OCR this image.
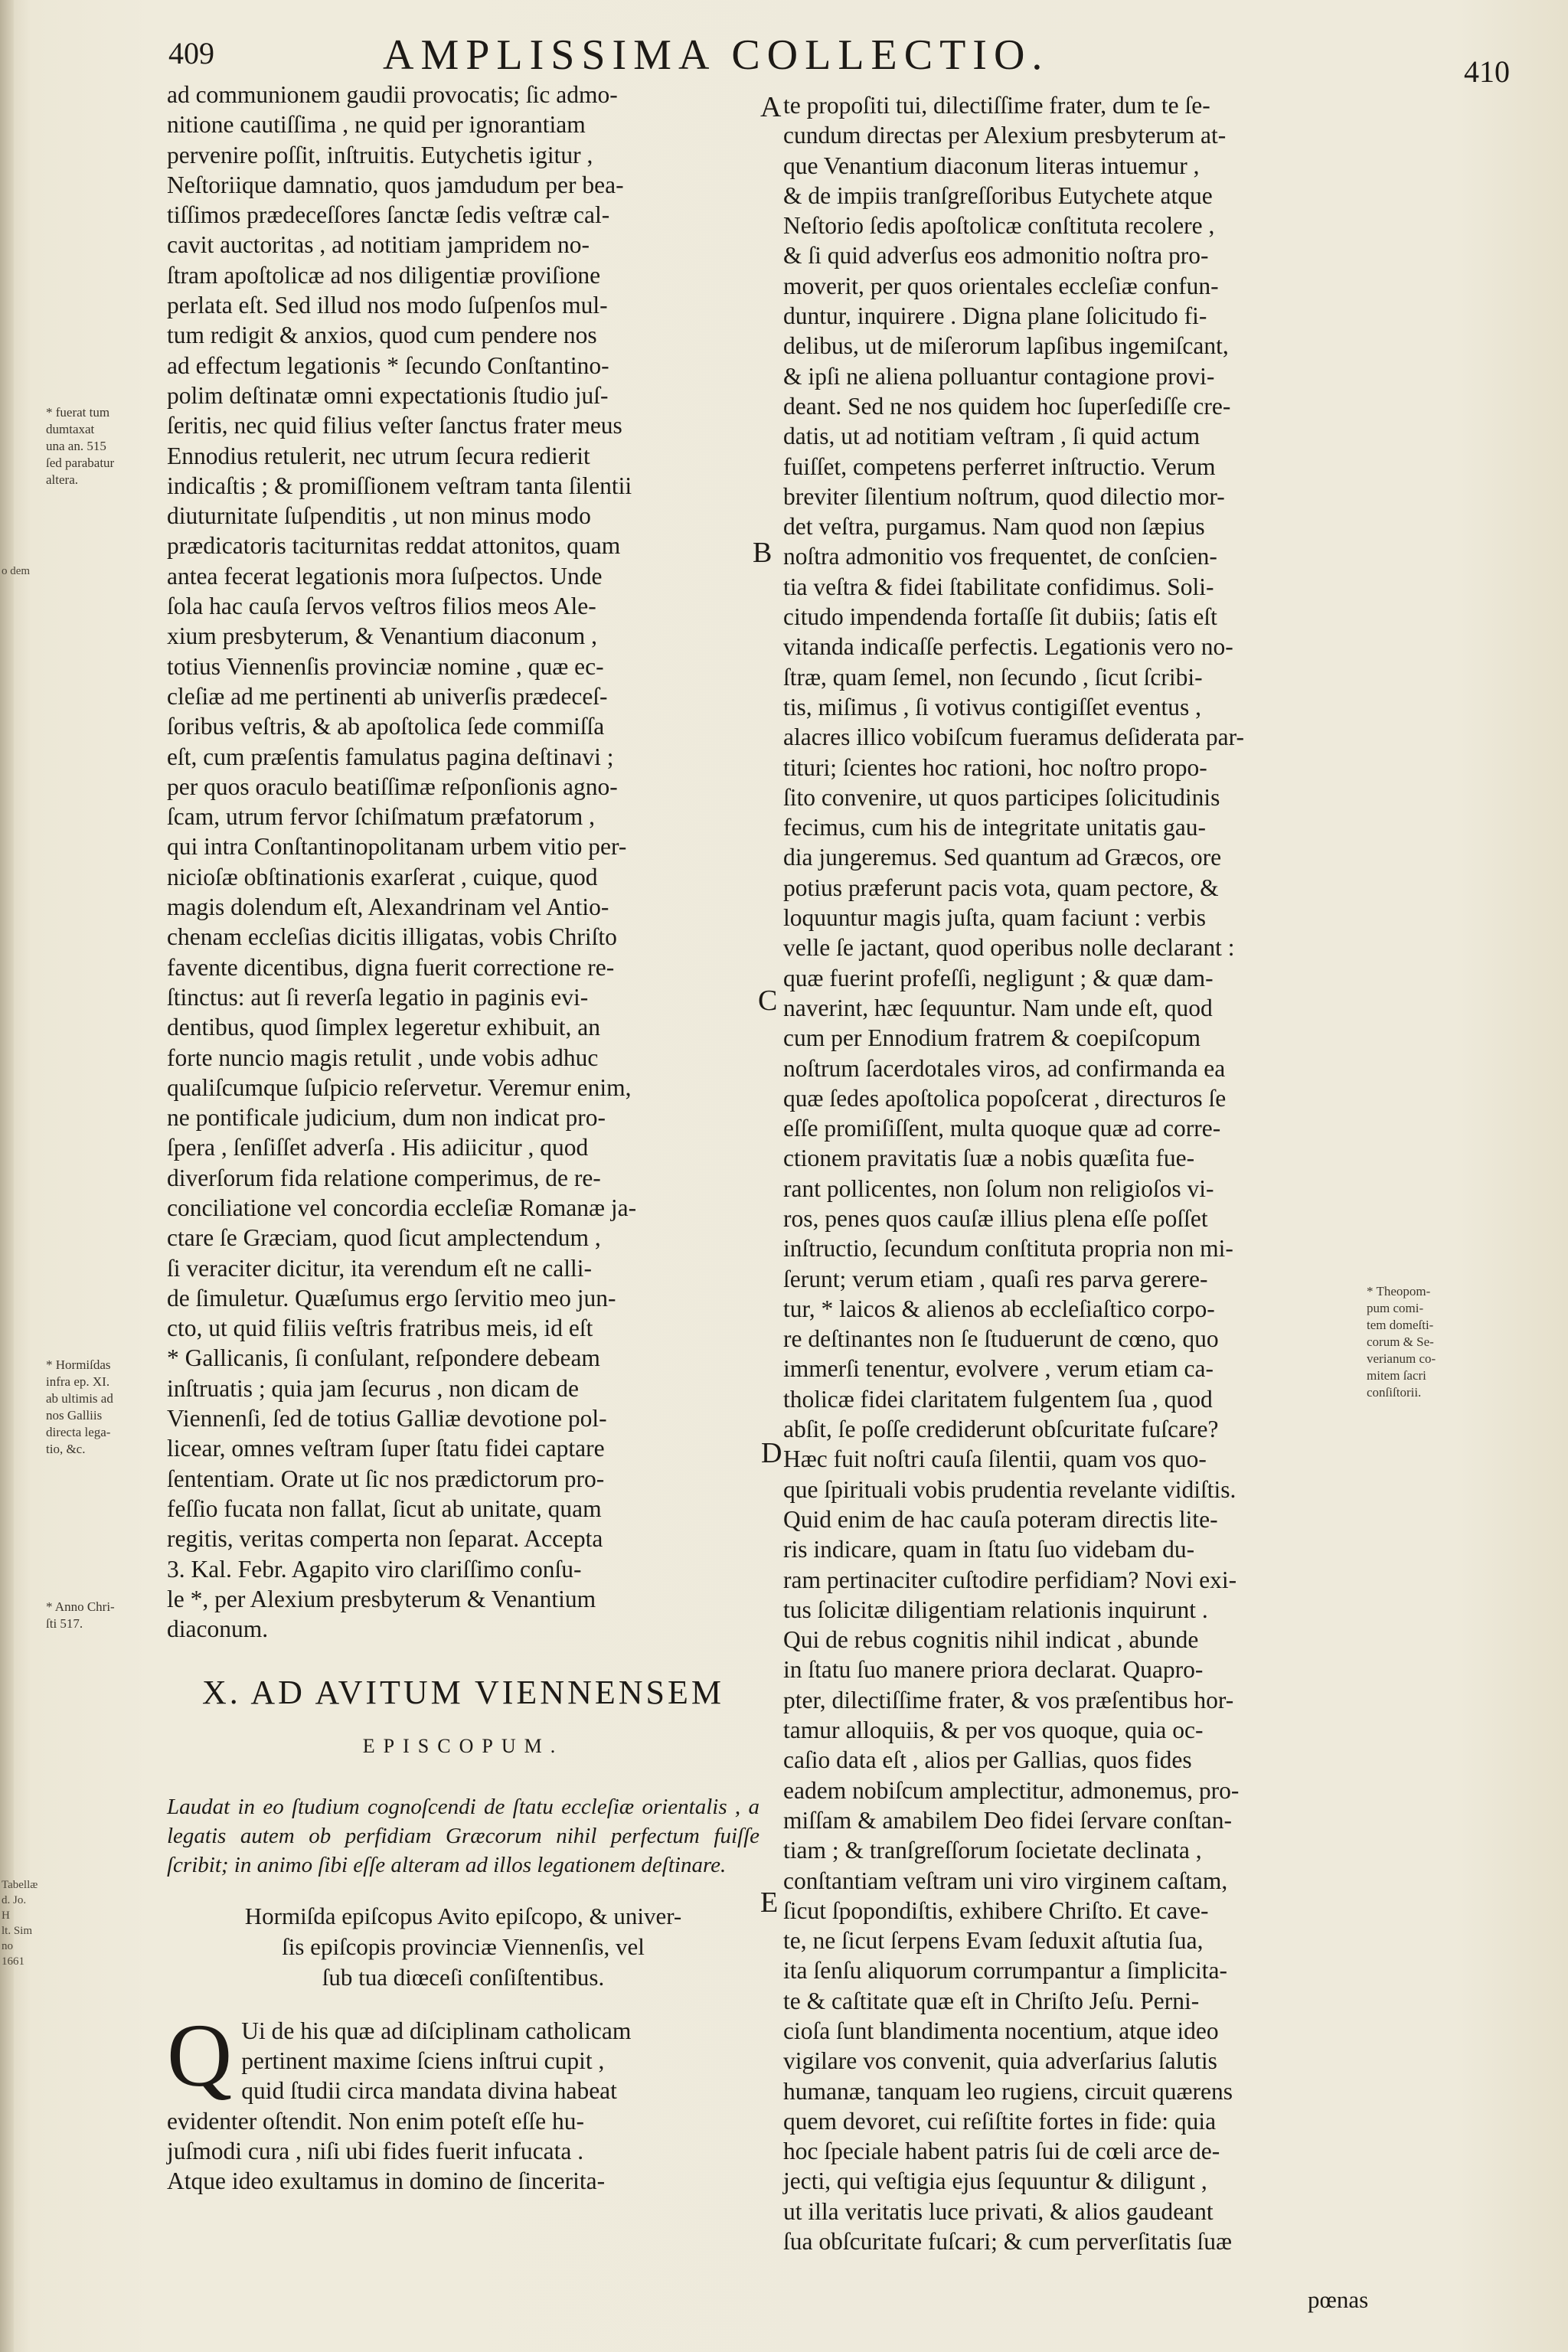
409	AMPLISSIMA COLLECTIO.	410
ad communionem gaudii provocatis; ſic admo-
nitione cautiſſima , ne quid per ignorantiam
pervenire poſſit, inſtruitis. Eutychetis igitur ,
Neſtoriique damnatio, quos jamdudum per bea-
tiſſimos prædeceſſores ſanctæ ſedis veſtræ cal-
cavit auctoritas , ad notitiam jampridem no-
ſtram apoſtolicæ ad nos diligentiæ proviſione
perlata eſt. Sed illud nos modo ſuſpenſos mul-
tum redigit & anxios, quod cum pendere nos
ad effectum legationis * ſecundo Conſtantino-
polim deſtinatæ omni expectationis ſtudio juſ-
ſeritis, nec quid filius veſter ſanctus frater meus
Ennodius retulerit, nec utrum ſecura redierit
indicaſtis ; & promiſſionem veſtram tanta ſilentii
diuturnitate ſuſpenditis , ut non minus modo
prædicatoris taciturnitas reddat attonitos, quam
antea fecerat legationis mora ſuſpectos. Unde
ſola hac cauſa ſervos veſtros filios meos Ale-
xium presbyterum, & Venantium diaconum ,
totius Viennenſis provinciæ nomine , quæ ec-
cleſiæ ad me pertinenti ab univerſis prædeceſ-
ſoribus veſtris, & ab apoſtolica ſede commiſſa
eſt, cum præſentis famulatus pagina deſtinavi ;
per quos oraculo beatiſſimæ reſponſionis agno-
ſcam, utrum fervor ſchiſmatum præfatorum ,
qui intra Conſtantinopolitanam urbem vitio per-
nicioſæ obſtinationis exarſerat , cuique, quod
magis dolendum eſt, Alexandrinam vel Antio-
chenam eccleſias dicitis illigatas, vobis Chriſto
favente dicentibus, digna fuerit correctione re-
ſtinctus: aut ſi reverſa legatio in paginis evi-
dentibus, quod ſimplex legeretur exhibuit, an
forte nuncio magis retulit , unde vobis adhuc
qualiſcumque ſuſpicio reſervetur. Veremur enim,
ne pontificale judicium, dum non indicat pro-
ſpera , ſenſiſſet adverſa . His adiicitur , quod
diverſorum fida relatione comperimus, de re-
conciliatione vel concordia eccleſiæ Romanæ ja-
ctare ſe Græciam, quod ſicut amplectendum ,
ſi veraciter dicitur, ita verendum eſt ne calli-
de ſimuletur. Quæſumus ergo ſervitio meo jun-
cto, ut quid filiis veſtris fratribus meis, id eſt
* Gallicanis, ſi conſulant, reſpondere debeam
inſtruatis ; quia jam ſecurus , non dicam de
Viennenſi, ſed de totius Galliæ devotione pol-
licear, omnes veſtram ſuper ſtatu fidei captare
ſententiam. Orate ut ſic nos prædictorum pro-
feſſio fucata non fallat, ſicut ab unitate, quam
regitis, veritas comperta non ſeparat. Accepta
3. Kal. Febr. Agapito viro clariſſimo conſu-
le *, per Alexium presbyterum & Venantium
diaconum.
X. AD AVITUM VIENNENSEM
EPISCOPUM.

Laudat in eo ſtudium cognoſcendi de ſtatu eccleſiæ orientalis , a legatis autem ob perfidiam Græcorum nihil perfectum fuiſſe ſcribit; in animo ſibi eſſe alteram ad illos legationem deſtinare.

Hormiſda epiſcopus Avito epiſcopo, & univer-
ſis epiſcopis provinciæ Viennenſis, vel
ſub tua diœceſi conſiſtentibus.
Q Ui de his quæ ad diſciplinam catholicam
pertinent maxime ſciens inſtrui cupit ,
quid ſtudii circa mandata divina habeat
evidenter oſtendit. Non enim poteſt eſſe hu-
juſmodi cura , niſi ubi fides fuerit infucata .
Atque ideo exultamus in domino de ſincerita-
te propoſiti tui, dilectiſſime frater, dum te ſe-
cundum directas per Alexium presbyterum at-
que Venantium diaconum literas intuemur ,
& de impiis tranſgreſſoribus Eutychete atque
Neſtorio ſedis apoſtolicæ conſtituta recolere ,
& ſi quid adverſus eos admonitio noſtra pro-
moverit, per quos orientales eccleſiæ confun-
duntur, inquirere . Digna plane ſolicitudo fi-
delibus, ut de miſerorum lapſibus ingemiſcant,
& ipſi ne aliena polluantur contagione provi-
deant. Sed ne nos quidem hoc ſuperſediſſe cre-
datis, ut ad notitiam veſtram , ſi quid actum
fuiſſet, competens perferret inſtructio. Verum
breviter ſilentium noſtrum, quod dilectio mor-
det veſtra, purgamus. Nam quod non ſæpius
noſtra admonitio vos frequentet, de conſcien-
tia veſtra & fidei ſtabilitate confidimus. Soli-
citudo impendenda fortaſſe ſit dubiis; ſatis eſt
vitanda indicaſſe perfectis. Legationis vero no-
ſtræ, quam ſemel, non ſecundo , ſicut ſcribi-
tis, miſimus , ſi votivus contigiſſet eventus ,
alacres illico vobiſcum fueramus deſiderata par-
tituri; ſcientes hoc rationi, hoc noſtro propo-
ſito convenire, ut quos participes ſolicitudinis
fecimus, cum his de integritate unitatis gau-
dia jungeremus. Sed quantum ad Græcos, ore
potius præferunt pacis vota, quam pectore, &
loquuntur magis juſta, quam faciunt : verbis
velle ſe jactant, quod operibus nolle declarant :
quæ fuerint profeſſi, negligunt ; & quæ dam-
naverint, hæc ſequuntur. Nam unde eſt, quod
cum per Ennodium fratrem & coepiſcopum
noſtrum ſacerdotales viros, ad confirmanda ea
quæ ſedes apoſtolica popoſcerat , directuros ſe
eſſe promiſiſſent, multa quoque quæ ad corre-
ctionem pravitatis ſuæ a nobis quæſita fue-
rant pollicentes, non ſolum non religioſos vi-
ros, penes quos cauſæ illius plena eſſe poſſet
inſtructio, ſecundum conſtituta propria non mi-
ſerunt; verum etiam , quaſi res parva gerere-
tur, * laicos & alienos ab eccleſiaſtico corpo-
re deſtinantes non ſe ſtuduerunt de cœno, quo
immerſi tenentur, evolvere , verum etiam ca-
tholicæ fidei claritatem fulgentem ſua , quod
abſit, ſe poſſe crediderunt obſcuritate fuſcare?
Hæc fuit noſtri cauſa ſilentii, quam vos quo-
que ſpirituali vobis prudentia revelante vidiſtis.
Quid enim de hac cauſa poteram directis lite-
ris indicare, quam in ſtatu ſuo videbam du-
ram pertinaciter cuſtodire perfidiam? Novi exi-
tus ſolicitæ diligentiam relationis inquirunt .
Qui de rebus cognitis nihil indicat , abunde
in ſtatu ſuo manere priora declarat. Quapro-
pter, dilectiſſime frater, & vos præſentibus hor-
tamur alloquiis, & per vos quoque, quia oc-
caſio data eſt , alios per Gallias, quos fides
eadem nobiſcum amplectitur, admonemus, pro-
miſſam & amabilem Deo fidei ſervare conſtan-
tiam ; & tranſgreſſorum ſocietate declinata ,
conſtantiam veſtram uni viro virginem caſtam,
ſicut ſpopondiſtis, exhibere Chriſto. Et cave-
te, ne ſicut ſerpens Evam ſeduxit aſtutia ſua,
ita ſenſu aliquorum corrumpantur a ſimplicita-
te & caſtitate quæ eſt in Chriſto Jeſu. Perni-
cioſa ſunt blandimenta nocentium, atque ideo
vigilare vos convenit, quia adverſarius ſalutis
humanæ, tanquam leo rugiens, circuit quærens
quem devoret, cui reſiſtite fortes in fide: quia
hoc ſpeciale habent patris ſui de cœli arce de-
jecti, qui veſtigia ejus ſequuntur & diligunt ,
ut illa veritatis luce privati, & alios gaudeant
ſua obſcuritate fuſcari; & cum perverſitatis ſuæ
pœnas
A
B
C
D
E
* fuerat tum
dumtaxat
una an. 515
ſed parabatur
altera.
* Hormiſdas
infra ep. XI.
ab ultimis ad
nos Galliis
directa lega-
tio, &c.
* Anno Chri-
ſti 517.
* Theopom-
pum comi-
tem domeſti-
corum & Se-
verianum co-
mitem ſacri
conſiſtorii.
o dem
Tabellæ
d. Jo. H
lt. Sim
no 1661
